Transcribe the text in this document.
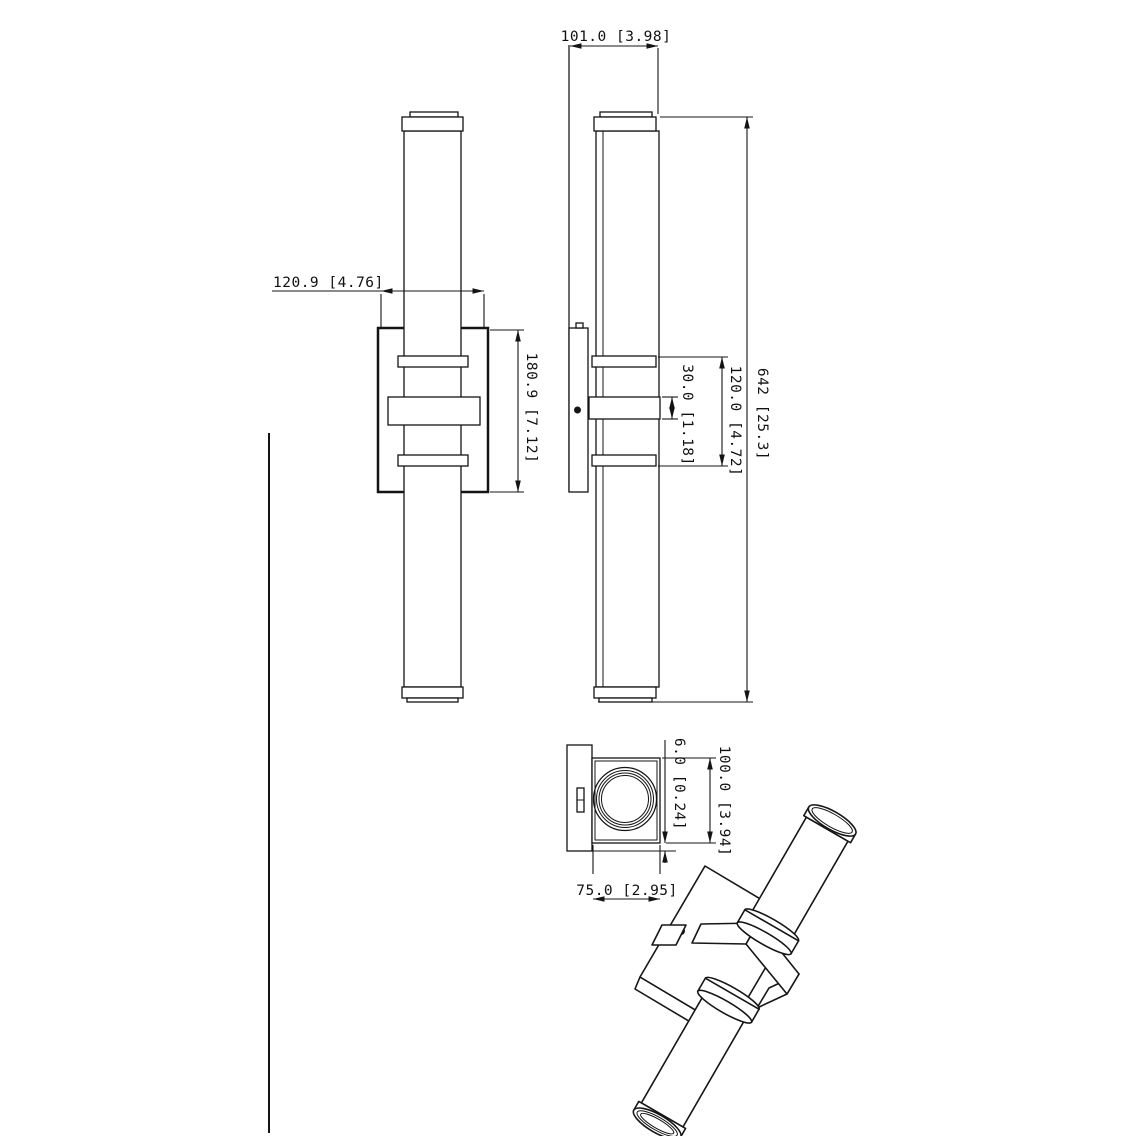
120.9 [4.76]
180.9 [7.12]
101.0 [3.98]
642 [25.3]
120.0 [4.72]
30.0 [1.18]
100.0 [3.94]
6.0 [0.24]
75.0 [2.95]
